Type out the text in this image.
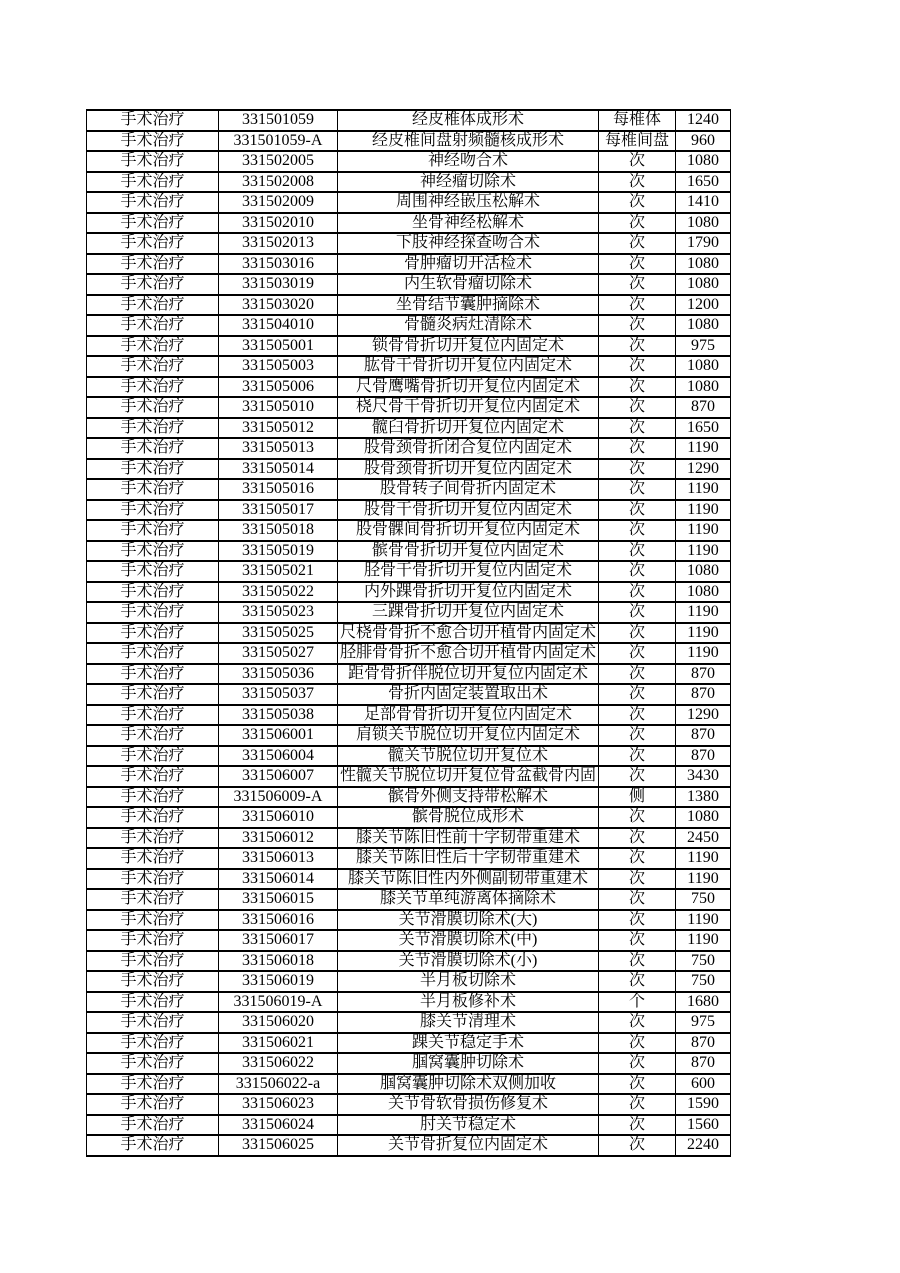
手术治疗	331501059	经皮椎体成形术	每椎体	1240
手术治疗	331501059-A	经皮椎间盘射频髓核成形术	每椎间盘	960
手术治疗	331502005	神经吻合术	次	1080
手术治疗	331502008	神经瘤切除术	次	1650
手术治疗	331502009	周围神经嵌压松解术	次	1410
手术治疗	331502010	坐骨神经松解术	次	1080
手术治疗	331502013	下肢神经探查吻合术	次	1790
手术治疗	331503016	骨肿瘤切开活检术	次	1080
手术治疗	331503019	内生软骨瘤切除术	次	1080
手术治疗	331503020	坐骨结节囊肿摘除术	次	1200
手术治疗	331504010	骨髓炎病灶清除术	次	1080
手术治疗	331505001	锁骨骨折切开复位内固定术	次	975
手术治疗	331505003	肱骨干骨折切开复位内固定术	次	1080
手术治疗	331505006	尺骨鹰嘴骨折切开复位内固定术	次	1080
手术治疗	331505010	桡尺骨干骨折切开复位内固定术	次	870
手术治疗	331505012	髋臼骨折切开复位内固定术	次	1650
手术治疗	331505013	股骨颈骨折闭合复位内固定术	次	1190
手术治疗	331505014	股骨颈骨折切开复位内固定术	次	1290
手术治疗	331505016	股骨转子间骨折内固定术	次	1190
手术治疗	331505017	股骨干骨折切开复位内固定术	次	1190
手术治疗	331505018	股骨髁间骨折切开复位内固定术	次	1190
手术治疗	331505019	髌骨骨折切开复位内固定术	次	1190
手术治疗	331505021	胫骨干骨折切开复位内固定术	次	1080
手术治疗	331505022	内外踝骨折切开复位内固定术	次	1080
手术治疗	331505023	三踝骨折切开复位内固定术	次	1190
手术治疗	331505025	尺桡骨骨折不愈合切开植骨内固定术	次	1190
手术治疗	331505027	胫腓骨骨折不愈合切开植骨内固定术	次	1190
手术治疗	331505036	距骨骨折伴脱位切开复位内固定术	次	870
手术治疗	331505037	骨折内固定装置取出术	次	870
手术治疗	331505038	足部骨骨折切开复位内固定术	次	1290
手术治疗	331506001	肩锁关节脱位切开复位内固定术	次	870
手术治疗	331506004	髋关节脱位切开复位术	次	870
手术治疗	331506007	性髋关节脱位切开复位骨盆截骨内固	次	3430
手术治疗	331506009-A	髌骨外侧支持带松解术	侧	1380
手术治疗	331506010	髌骨脱位成形术	次	1080
手术治疗	331506012	膝关节陈旧性前十字韧带重建术	次	2450
手术治疗	331506013	膝关节陈旧性后十字韧带重建术	次	1190
手术治疗	331506014	膝关节陈旧性内外侧副韧带重建术	次	1190
手术治疗	331506015	膝关节单纯游离体摘除术	次	750
手术治疗	331506016	关节滑膜切除术(大)	次	1190
手术治疗	331506017	关节滑膜切除术(中)	次	1190
手术治疗	331506018	关节滑膜切除术(小)	次	750
手术治疗	331506019	半月板切除术	次	750
手术治疗	331506019-A	半月板修补术	个	1680
手术治疗	331506020	膝关节清理术	次	975
手术治疗	331506021	踝关节稳定手术	次	870
手术治疗	331506022	腘窝囊肿切除术	次	870
手术治疗	331506022-a	腘窝囊肿切除术双侧加收	次	600
手术治疗	331506023	关节骨软骨损伤修复术	次	1590
手术治疗	331506024	肘关节稳定术	次	1560
手术治疗	331506025	关节骨折复位内固定术	次	2240
